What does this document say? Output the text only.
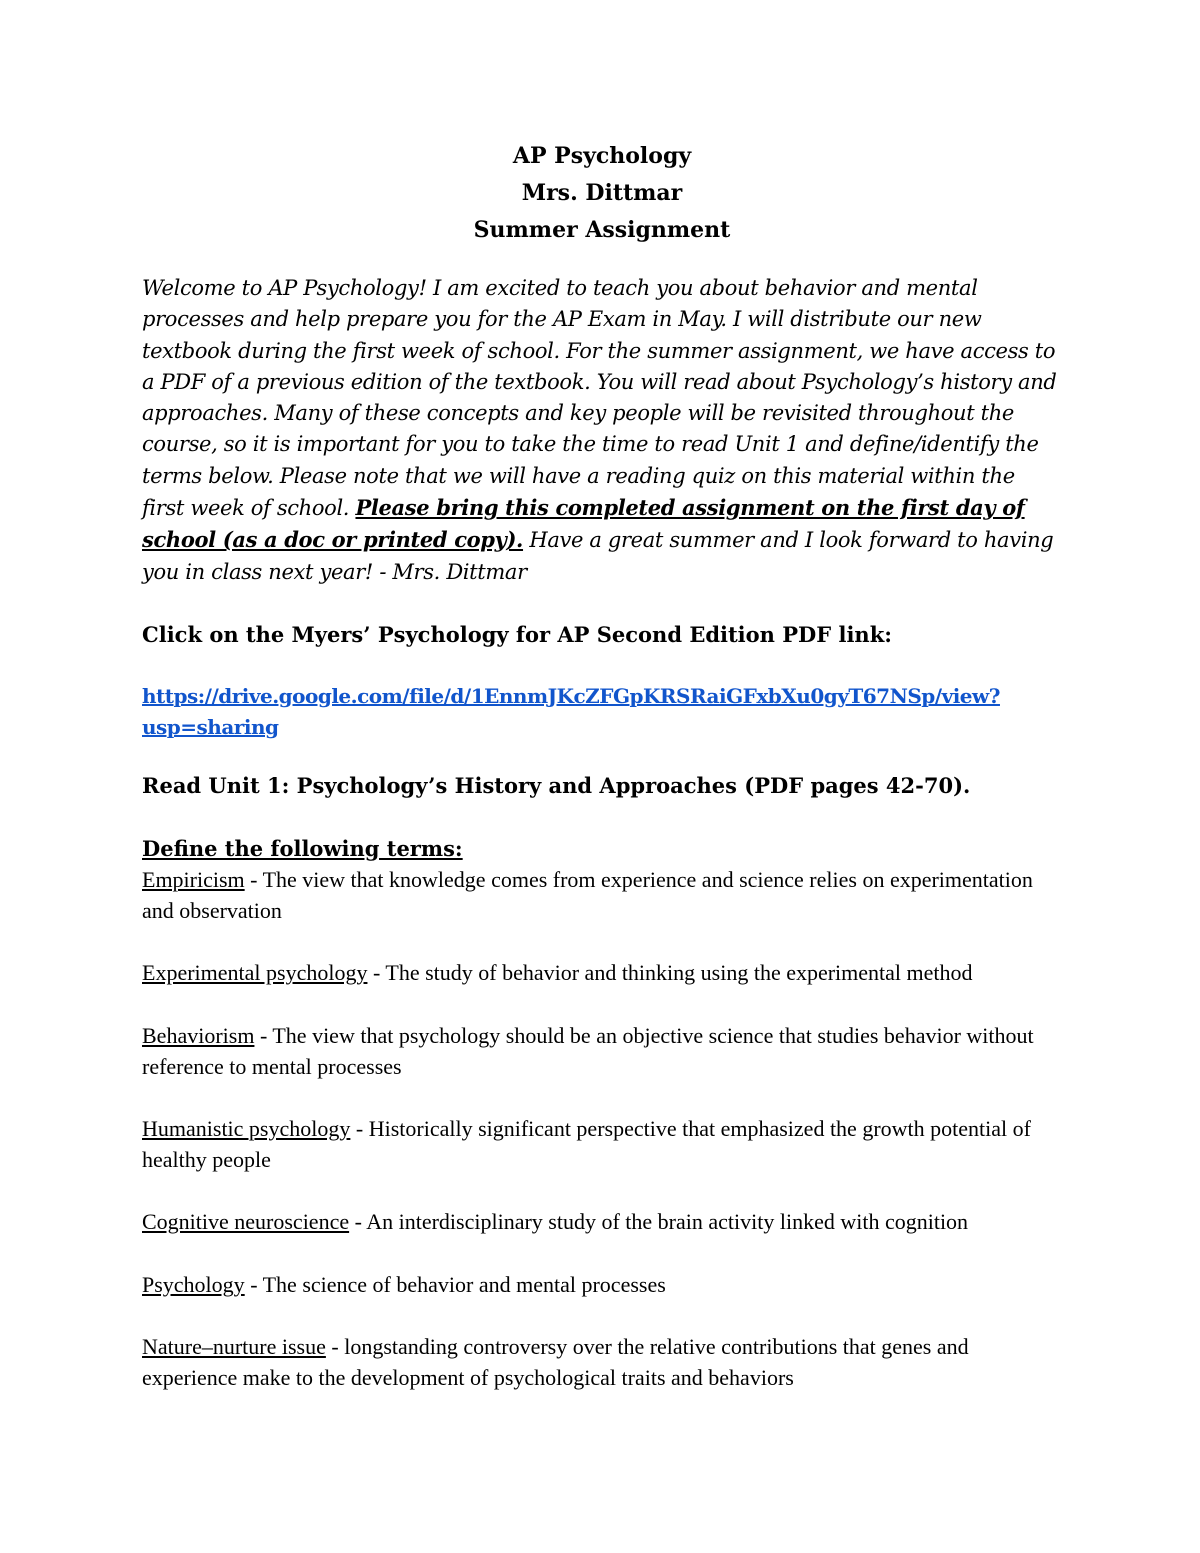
AP Psychology

Mrs. Dittmar

Summer Assignment

Welcome to AP Psychology! I am excited to teach you about behavior and mental processes and help prepare you for the AP Exam in May. I will distribute our new textbook during the first week of school. For the summer assignment, we have access to a PDF of a previous edition of the textbook. You will read about Psychology’s history and approaches. Many of these concepts and key people will be revisited throughout the course, so it is important for you to take the time to read Unit 1 and define/identify the terms below. Please note that we will have a reading quiz on this material within the first week of school. Please bring this completed assignment on the first day of school (as a doc or printed copy). Have a great summer and I look forward to having you in class next year! - Mrs. Dittmar

Click on the Myers’ Psychology for AP Second Edition PDF link:

https://drive.google.com/file/d/1EnnmJKcZFGpKRSRaiGFxbXu0gyT67NSp/view?usp=sharing

Read Unit 1: Psychology’s History and Approaches (PDF pages 42-70).

Define the following terms:

Empiricism - The view that knowledge comes from experience and science relies on experimentation and observation

Experimental psychology - The study of behavior and thinking using the experimental method

Behaviorism - The view that psychology should be an objective science that studies behavior without reference to mental processes

Humanistic psychology - Historically significant perspective that emphasized the growth potential of healthy people

Cognitive neuroscience - An interdisciplinary study of the brain activity linked with cognition

Psychology - The science of behavior and mental processes

Nature–nurture issue - longstanding controversy over the relative contributions that genes and experience make to the development of psychological traits and behaviors
